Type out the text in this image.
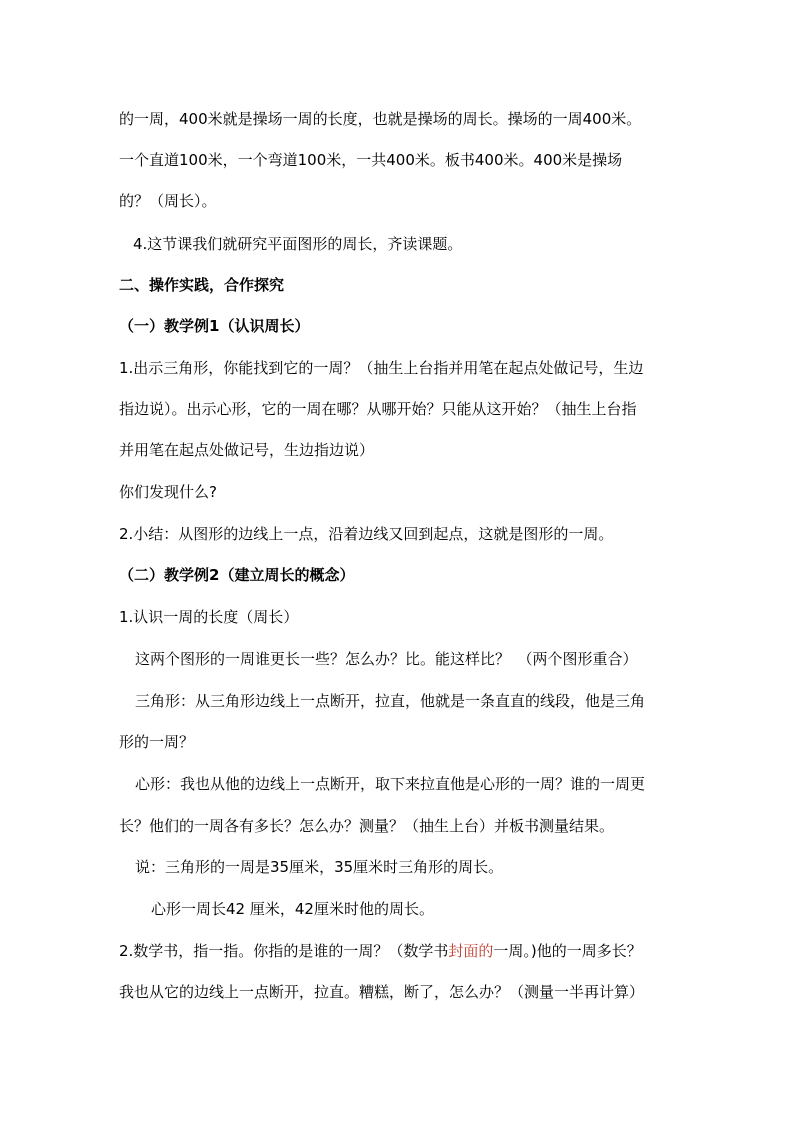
的一周，400米就是操场一周的长度，也就是操场的周长。操场的一周400米。
一个直道100米，一个弯道100米，一共400米。板书400米。400米是操场
的？（周长）。
4.这节课我们就研究平面图形的周长，齐读课题。
二、操作实践，合作探究
（一）教学例1（认识周长）
1.出示三角形，你能找到它的一周？（抽生上台指并用笔在起点处做记号，生边
指边说）。出示心形，它的一周在哪？从哪开始？只能从这开始？（抽生上台指
并用笔在起点处做记号，生边指边说）
你们发现什么?
2.小结：从图形的边线上一点，沿着边线又回到起点，这就是图形的一周。
（二）教学例2（建立周长的概念）
1.认识一周的长度（周长）
这两个图形的一周谁更长一些？怎么办？比。能这样比？　（两个图形重合）
三角形：从三角形边线上一点断开，拉直，他就是一条直直的线段，他是三角
形的一周？
心形：我也从他的边线上一点断开，取下来拉直他是心形的一周？谁的一周更
长？他们的一周各有多长？怎么办？测量？（抽生上台）并板书测量结果。
说：三角形的一周是35厘米，35厘米时三角形的周长。
心形一周长42 厘米，42厘米时他的周长。
2.数学书，指一指。你指的是谁的一周？（数学书封面的一周。)他的一周多长？
我也从它的边线上一点断开，拉直。糟糕，断了，怎么办？（测量一半再计算）
